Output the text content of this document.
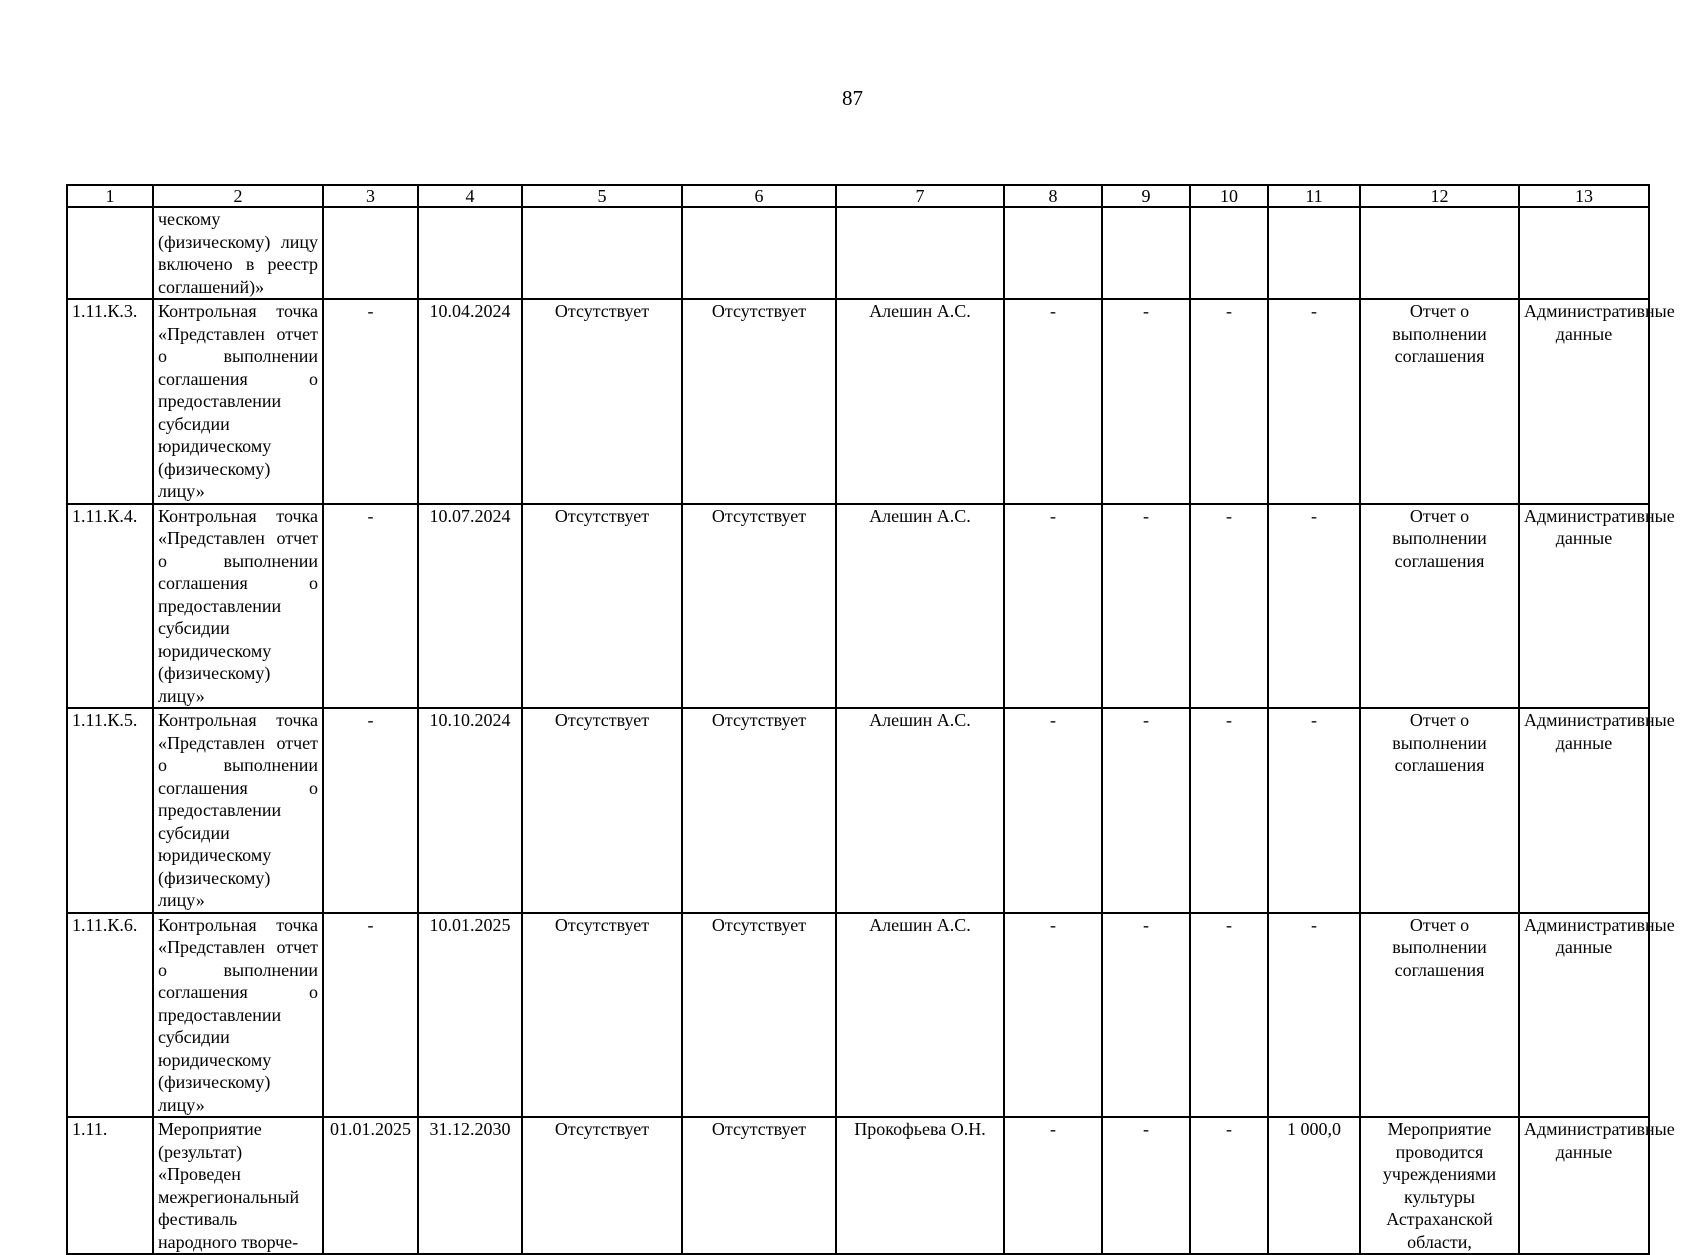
87
1	2	3	4	5	6	7	8	9	10	11	12	13
	ческому (физическому) лицу включено в реестр соглашений)»											
1.11.К.3.	Контрольная точка «Представлен отчет о выполнении соглашения о предоставлении субсидии юридическому (физическому) лицу»	-	10.04.2024	Отсутствует	Отсутствует	Алешин А.С.	-	-	-	-	Отчет о выполнении соглашения	Административные данные
1.11.К.4.	Контрольная точка «Представлен отчет о выполнении соглашения о предоставлении субсидии юридическому (физическому) лицу»	-	10.07.2024	Отсутствует	Отсутствует	Алешин А.С.	-	-	-	-	Отчет о выполнении соглашения	Административные данные
1.11.К.5.	Контрольная точка «Представлен отчет о выполнении соглашения о предоставлении субсидии юридическому (физическому) лицу»	-	10.10.2024	Отсутствует	Отсутствует	Алешин А.С.	-	-	-	-	Отчет о выполнении соглашения	Административные данные
1.11.К.6.	Контрольная точка «Представлен отчет о выполнении соглашения о предоставлении субсидии юридическому (физическому) лицу»	-	10.01.2025	Отсутствует	Отсутствует	Алешин А.С.	-	-	-	-	Отчет о выполнении соглашения	Административные данные
1.11.	Мероприятие (результат) «Проведен межрегиональный фестиваль народного творче-	01.01.2025	31.12.2030	Отсутствует	Отсутствует	Прокофьева О.Н.	-	-	-	1 000,0	Мероприятие проводится учреждениями культуры Астраханской области,	Административные данные
